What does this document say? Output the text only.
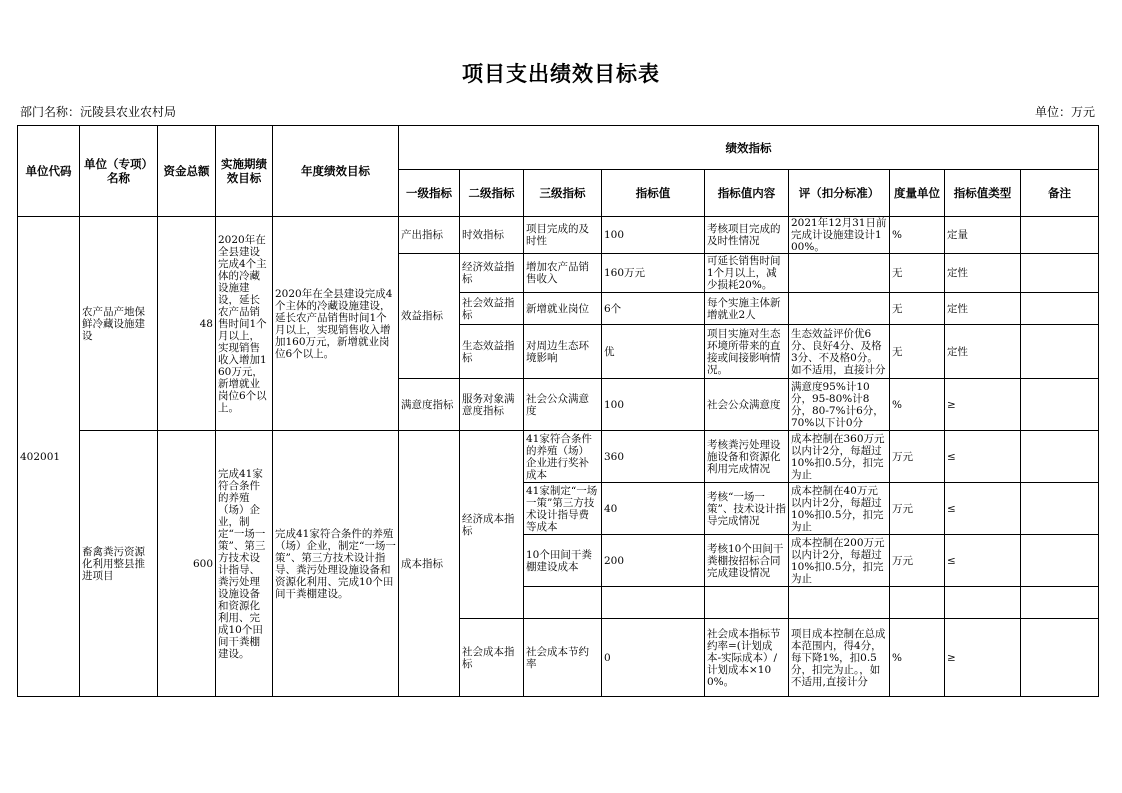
项目支出绩效目标表
部门名称：沅陵县农业农村局	单位：万元
单位代码	单位（专项）名称	资金总额	实施期绩效目标	年度绩效目标	绩效指标								
					一级指标	二级指标	三级指标	指标值	指标值内容	评（扣分标准）	度量单位	指标值类型	备注
402001	农产品产地保鲜冷藏设施建设	48	2020年在全县建设完成4个主体的冷藏设施建设，延长农产品销售时间1个月以上，实现销售收入增加160万元，新增就业岗位6个以上。	2020年在全县建设完成4个主体的冷藏设施建设，延长农产品销售时间1个月以上，实现销售收入增加160万元，新增就业岗位6个以上。	产出指标	时效指标	项目完成的及时性	100	考核项目完成的及时性情况	2021年12月31日前完成计设施建设计100%。	%	定量	
					效益指标	经济效益指标	增加农产品销售收入	160万元	可延长销售时间1个月以上，减少损耗20%。		无	定性	
						社会效益指标	新增就业岗位	6个	每个实施主体新增就业2人		无	定性	
						生态效益指标	对周边生态环境影响	优	项目实施对生态环境所带来的直接或间接影响情况。	生态效益评价优6分、良好4分、及格3分、不及格0分。如不适用，直接计分	无	定性	
					满意度指标	服务对象满意度指标	社会公众满意度	100	社会公众满意度	满意度95%计10分，95-80%计8分，80-7%计6分，70%以下计0分	%	≥	
	畜禽粪污资源化利用整县推进项目	600	完成41家符合条件的养殖（场）企业，制定“一场一策”、第三方技术设计指导、粪污处理设施设备和资源化利用、完成10个田间干粪棚建设。	完成41家符合条件的养殖（场）企业，制定“一场一策”、第三方技术设计指导、粪污处理设施设备和资源化利用、完成10个田间干粪棚建设。	成本指标	经济成本指标	41家符合条件的养殖（场）企业进行奖补成本	360	考核粪污处理设施设备和资源化利用完成情况	成本控制在360万元以内计2分，每超过10%扣0.5分，扣完为止	万元	≤	
							41家制定“一场一策”第三方技术设计指导费等成本	40	考核“一场一策”、技术设计指导完成情况	成本控制在40万元以内计2分，每超过10%扣0.5分，扣完为止	万元	≤	
							10个田间干粪棚建设成本	200	考核10个田间干粪棚按招标合同完成建设情况	成本控制在200万元以内计2分，每超过10%扣0.5分，扣完为止	万元	≤	

						社会成本指标	社会成本节约率	0	社会成本指标节约率=(计划成本-实际成本）/计划成本×100%。	项目成本控制在总成本范围内，得4分，每下降1%，扣0.5分，扣完为止。，如不适用,直接计分	%	≥	
